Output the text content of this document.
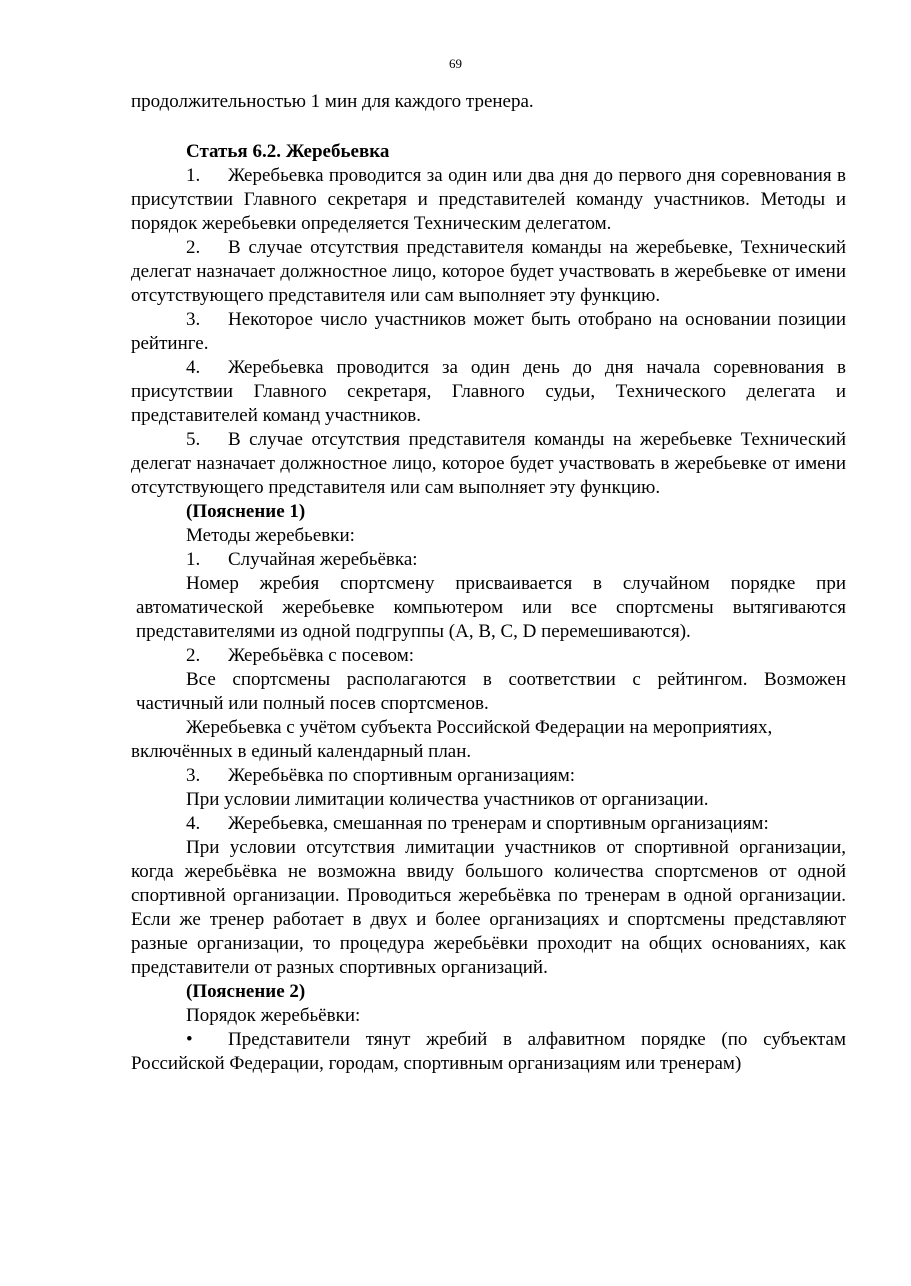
69

продолжительностью 1 мин для каждого тренера.

Статья 6.2. Жеребьевка

1. Жеребьевка проводится за один или два дня до первого дня соревнования в присутствии Главного секретаря и представителей команду участников. Методы и порядок жеребьевки определяется Техническим делегатом.

2. В случае отсутствия представителя команды на жеребьевке, Технический делегат назначает должностное лицо, которое будет участвовать в жеребьевке от имени отсутствующего представителя или сам выполняет эту функцию.

3. Некоторое число участников может быть отобрано на основании позиции рейтинге.

4. Жеребьевка проводится за один день до дня начала соревнования в присутствии Главного секретаря, Главного судьи, Технического делегата и представителей команд участников.

5. В случае отсутствия представителя команды на жеребьевке Технический делегат назначает должностное лицо, которое будет участвовать в жеребьевке от имени отсутствующего представителя или сам выполняет эту функцию.

(Пояснение 1)

Методы жеребьевки:

1. Случайная жеребьёвка:

Номер жребия спортсмену присваивается в случайном порядке при автоматической жеребьевке компьютером или все спортсмены вытягиваются представителями из одной подгруппы (A, B, C, D перемешиваются).

2. Жеребьёвка с посевом:

Все спортсмены располагаются в соответствии с рейтингом. Возможен частичный или полный посев спортсменов.

Жеребьевка с учётом субъекта Российской Федерации на мероприятиях, включённых в единый календарный план.

3. Жеребьёвка по спортивным организациям:

При условии лимитации количества участников от организации.

4. Жеребьевка, смешанная по тренерам и спортивным организациям:

При условии отсутствия лимитации участников от спортивной организации, когда жеребьёвка не возможна ввиду большого количества спортсменов от одной спортивной организации. Проводиться жеребьёвка по тренерам в одной организации. Если же тренер работает в двух и более организациях и спортсмены представляют разные организации, то процедура жеребьёвки проходит на общих основаниях, как представители от разных спортивных организаций.

(Пояснение 2)

Порядок жеребьёвки:

• Представители тянут жребий в алфавитном порядке (по субъектам Российской Федерации, городам, спортивным организациям или тренерам)
